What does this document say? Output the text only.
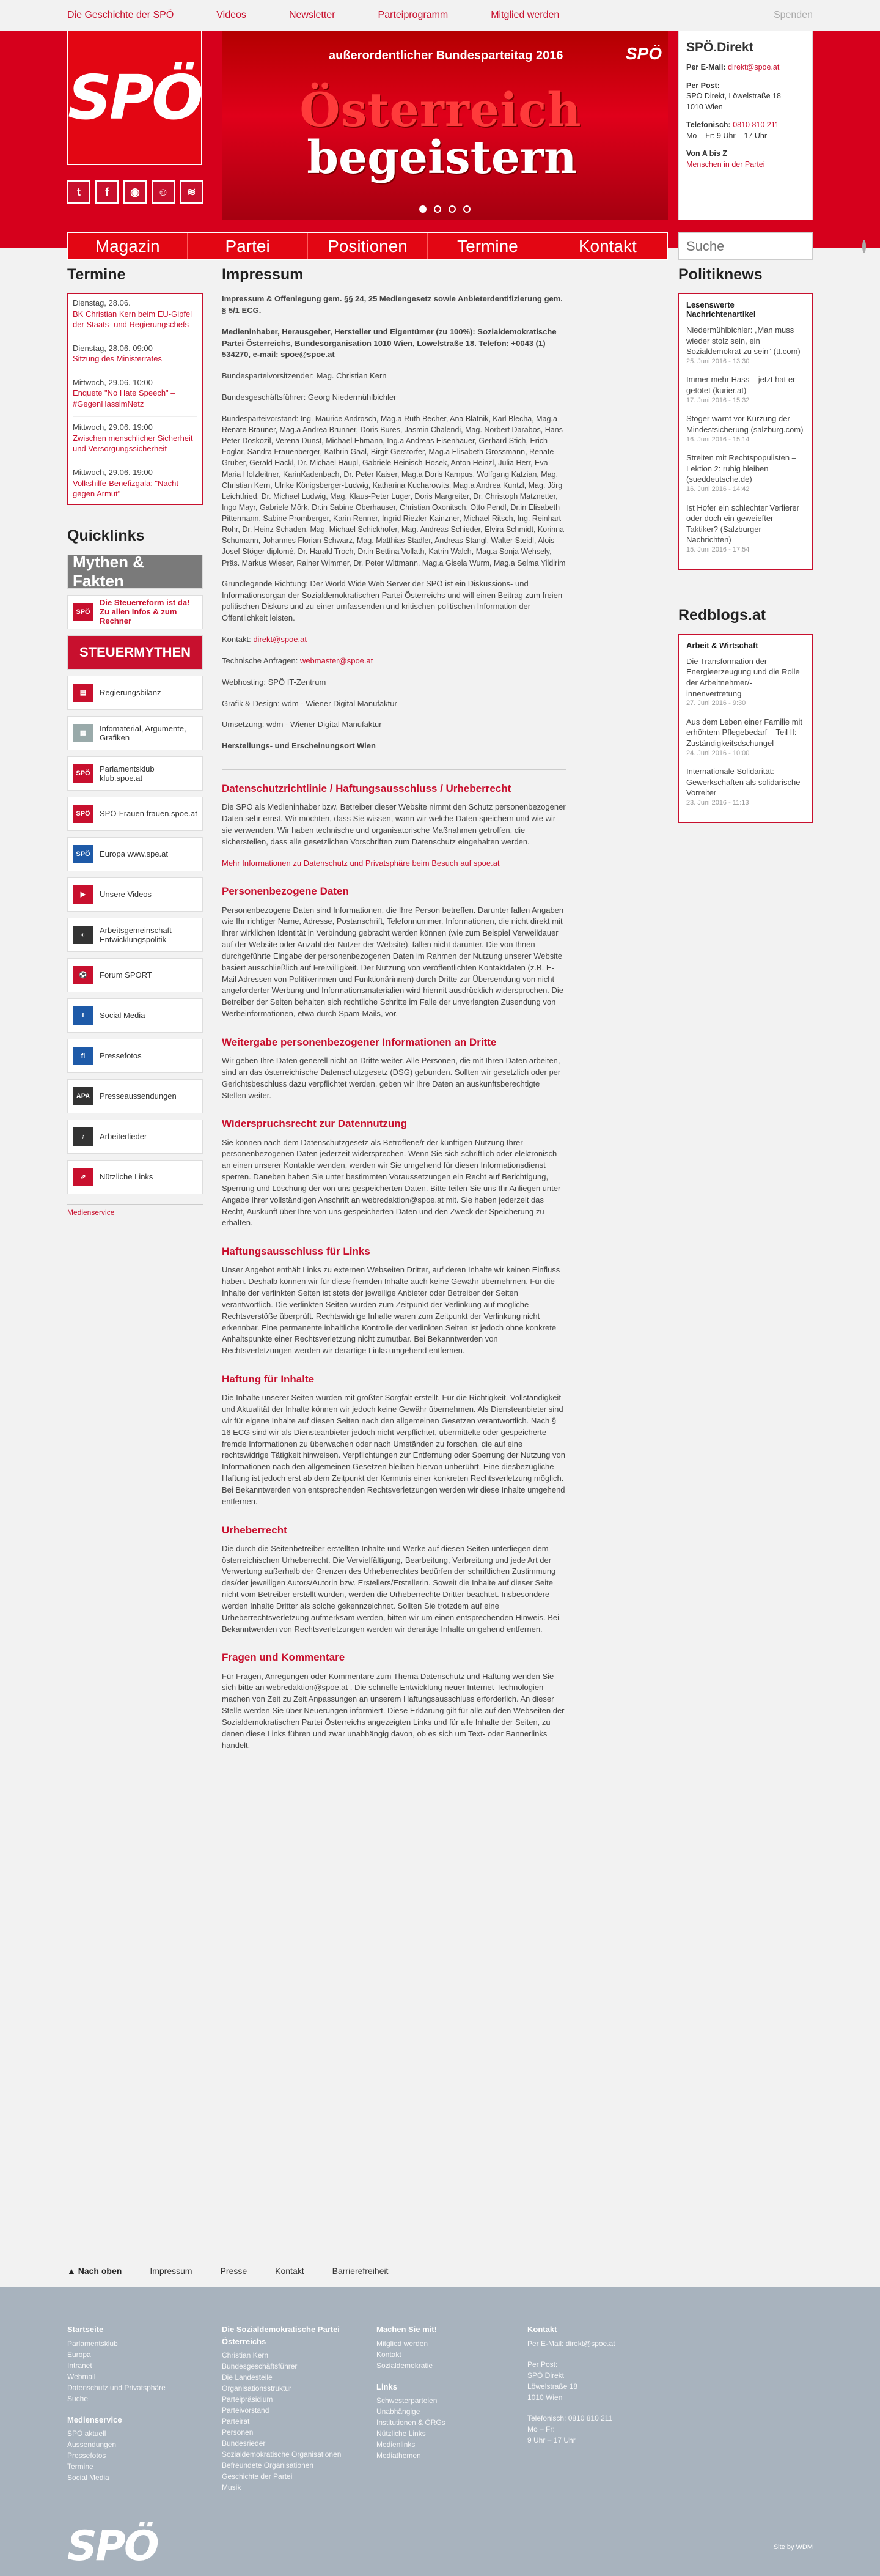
Die Geschichte der SPÖ	Videos	Newsletter	Parteiprogramm	Mitglied werden	Spenden
SPÖ
t	f	◉	☺	≋
außerordentlicher Bundesparteitag 2016	SPÖ
Österreich
begeistern
SPÖ.Direkt

Per E-Mail: direkt@spoe.at

Per Post:
SPÖ Direkt, Löwelstraße 18
1010 Wien

Telefonisch: 0810 810 211
Mo – Fr: 9 Uhr – 17 Uhr

Von A bis Z
Menschen in der Partei

Magazin	Partei	Positionen	Termine	Kontakt
Suche
Termine
Dienstag, 28.06.
BK Christian Kern beim EU-Gipfel der Staats- und Regierungschefs
Dienstag, 28.06. 09:00
Sitzung des Ministerrates
Mittwoch, 29.06. 10:00
Enquete "No Hate Speech" – #GegenHassimNetz
Mittwoch, 29.06. 19:00
Zwischen menschlicher Sicherheit und Versorgungssicherheit
Mittwoch, 29.06. 19:00
Volkshilfe-Benefizgala: "Nacht gegen Armut"
Quicklinks
Mythen & Fakten
SPÖ
Die Steuerreform ist da! Zu allen Infos & zum Rechner
STEUERMYTHEN
▤	Regierungsbilanz
▦
Infomaterial, Argumente, Grafiken
SPÖ	Parlamentsklub klub.spoe.at
SPÖ	SPÖ-Frauen frauen.spoe.at
SPÖ	Europa www.spe.at
▶	Unsere Videos
◐	Arbeitsgemeinschaft Entwicklungspolitik
⚽	Forum SPORT
f	Social Media
fl	Pressefotos
APA	Presseaussendungen
♪	Arbeiterlieder
⇗	Nützliche Links
Medienservice
Impressum

Impressum & Offenlegung gem. §§ 24, 25 Mediengesetz sowie Anbieterdentifizierung gem. § 5/1 ECG.

Medieninhaber, Herausgeber, Hersteller und Eigentümer (zu 100%): Sozialdemokratische Partei Österreichs, Bundesorganisation 1010 Wien, Löwelstraße 18. Telefon: +0043 (1) 534270, e-mail: spoe@spoe.at

Bundesparteivorsitzender: Mag. Christian Kern

Bundesgeschäftsführer: Georg Niedermühlbichler

Bundesparteivorstand: Ing. Maurice Androsch, Mag.a Ruth Becher, Ana Blatnik, Karl Blecha, Mag.a Renate Brauner, Mag.a Andrea Brunner, Doris Bures, Jasmin Chalendi, Mag. Norbert Darabos, Hans Peter Doskozil, Verena Dunst, Michael Ehmann, Ing.a Andreas Eisenhauer, Gerhard Stich, Erich Foglar, Sandra Frauenberger, Kathrin Gaal, Birgit Gerstorfer, Mag.a Elisabeth Grossmann, Renate Gruber, Gerald Hackl, Dr. Michael Häupl, Gabriele Heinisch-Hosek, Anton Heinzl, Julia Herr, Eva Maria Holzleitner, KarinKadenbach, Dr. Peter Kaiser, Mag.a Doris Kampus, Wolfgang Katzian, Mag. Christian Kern, Ulrike Königsberger-Ludwig, Katharina Kucharowits, Mag.a Andrea Kuntzl, Mag. Jörg Leichtfried, Dr. Michael Ludwig, Mag. Klaus-Peter Luger, Doris Margreiter, Dr. Christoph Matznetter, Ingo Mayr, Gabriele Mörk, Dr.in Sabine Oberhauser, Christian Oxonitsch, Otto Pendl, Dr.in Elisabeth Pittermann, Sabine Promberger, Karin Renner, Ingrid Riezler-Kainzner, Michael Ritsch, Ing. Reinhart Rohr, Dr. Heinz Schaden, Mag. Michael Schickhofer, Mag. Andreas Schieder, Elvira Schmidt, Korinna Schumann, Johannes Florian Schwarz, Mag. Matthias Stadler, Andreas Stangl, Walter Steidl, Alois Josef Stöger diplomé, Dr. Harald Troch, Dr.in Bettina Vollath, Katrin Walch, Mag.a Sonja Wehsely, Präs. Markus Wieser, Rainer Wimmer, Dr. Peter Wittmann, Mag.a Gisela Wurm, Mag.a Selma Yildirim

Grundlegende Richtung: Der World Wide Web Server der SPÖ ist ein Diskussions- und Informationsorgan der Sozialdemokratischen Partei Österreichs und will einen Beitrag zum freien politischen Diskurs und zu einer umfassenden und kritischen politischen Information der Öffentlichkeit leisten.

Kontakt: direkt@spoe.at

Technische Anfragen: webmaster@spoe.at

Webhosting: SPÖ IT-Zentrum

Grafik & Design: wdm - Wiener Digital Manufaktur

Umsetzung: wdm - Wiener Digital Manufaktur

Herstellungs- und Erscheinungsort Wien

Datenschutzrichtlinie / Haftungsausschluss / Urheberrecht

Die SPÖ als Medieninhaber bzw. Betreiber dieser Website nimmt den Schutz personenbezogener Daten sehr ernst. Wir möchten, dass Sie wissen, wann wir welche Daten speichern und wie wir sie verwenden. Wir haben technische und organisatorische Maßnahmen getroffen, die sicherstellen, dass alle gesetzlichen Vorschriften zum Datenschutz eingehalten werden.

Mehr Informationen zu Datenschutz und Privatsphäre beim Besuch auf spoe.at

Personenbezogene Daten

Personenbezogene Daten sind Informationen, die Ihre Person betreffen. Darunter fallen Angaben wie Ihr richtiger Name, Adresse, Postanschrift, Telefonnummer. Informationen, die nicht direkt mit Ihrer wirklichen Identität in Verbindung gebracht werden können (wie zum Beispiel Verweildauer auf der Website oder Anzahl der Nutzer der Website), fallen nicht darunter. Die von Ihnen durchgeführte Eingabe der personenbezogenen Daten im Rahmen der Nutzung unserer Website basiert ausschließlich auf Freiwilligkeit. Der Nutzung von veröffentlichten Kontaktdaten (z.B. E-Mail Adressen von Politikerinnen und Funktionärinnen) durch Dritte zur Übersendung von nicht angeforderter Werbung und Informationsmaterialien wird hiermit ausdrücklich widersprochen. Die Betreiber der Seiten behalten sich rechtliche Schritte im Falle der unverlangten Zusendung von Werbeinformationen, etwa durch Spam-Mails, vor.

Weitergabe personenbezogener Informationen an Dritte

Wir geben Ihre Daten generell nicht an Dritte weiter. Alle Personen, die mit Ihren Daten arbeiten, sind an das österreichische Datenschutzgesetz (DSG) gebunden. Sollten wir gesetzlich oder per Gerichtsbeschluss dazu verpflichtet werden, geben wir Ihre Daten an auskunftsberechtigte Stellen weiter.

Widerspruchsrecht zur Datennutzung

Sie können nach dem Datenschutzgesetz als Betroffene/r der künftigen Nutzung Ihrer personenbezogenen Daten jederzeit widersprechen. Wenn Sie sich schriftlich oder elektronisch an einen unserer Kontakte wenden, werden wir Sie umgehend für diesen Informationsdienst sperren. Daneben haben Sie unter bestimmten Voraussetzungen ein Recht auf Berichtigung, Sperrung und Löschung der von uns gespeicherten Daten. Bitte teilen Sie uns Ihr Anliegen unter Angabe Ihrer vollständigen Anschrift an webredaktion@spoe.at mit. Sie haben jederzeit das Recht, Auskunft über Ihre von uns gespeicherten Daten und den Zweck der Speicherung zu erhalten.

Haftungsausschluss für Links

Unser Angebot enthält Links zu externen Webseiten Dritter, auf deren Inhalte wir keinen Einfluss haben. Deshalb können wir für diese fremden Inhalte auch keine Gewähr übernehmen. Für die Inhalte der verlinkten Seiten ist stets der jeweilige Anbieter oder Betreiber der Seiten verantwortlich. Die verlinkten Seiten wurden zum Zeitpunkt der Verlinkung auf mögliche Rechtsverstöße überprüft. Rechtswidrige Inhalte waren zum Zeitpunkt der Verlinkung nicht erkennbar. Eine permanente inhaltliche Kontrolle der verlinkten Seiten ist jedoch ohne konkrete Anhaltspunkte einer Rechtsverletzung nicht zumutbar. Bei Bekanntwerden von Rechtsverletzungen werden wir derartige Links umgehend entfernen.

Haftung für Inhalte

Die Inhalte unserer Seiten wurden mit größter Sorgfalt erstellt. Für die Richtigkeit, Vollständigkeit und Aktualität der Inhalte können wir jedoch keine Gewähr übernehmen. Als Diensteanbieter sind wir für eigene Inhalte auf diesen Seiten nach den allgemeinen Gesetzen verantwortlich. Nach § 16 ECG sind wir als Diensteanbieter jedoch nicht verpflichtet, übermittelte oder gespeicherte fremde Informationen zu überwachen oder nach Umständen zu forschen, die auf eine rechtswidrige Tätigkeit hinweisen. Verpflichtungen zur Entfernung oder Sperrung der Nutzung von Informationen nach den allgemeinen Gesetzen bleiben hiervon unberührt. Eine diesbezügliche Haftung ist jedoch erst ab dem Zeitpunkt der Kenntnis einer konkreten Rechtsverletzung möglich. Bei Bekanntwerden von entsprechenden Rechtsverletzungen werden wir diese Inhalte umgehend entfernen.

Urheberrecht

Die durch die Seitenbetreiber erstellten Inhalte und Werke auf diesen Seiten unterliegen dem österreichischen Urheberrecht. Die Vervielfältigung, Bearbeitung, Verbreitung und jede Art der Verwertung außerhalb der Grenzen des Urheberrechtes bedürfen der schriftlichen Zustimmung des/der jeweiligen Autors/Autorin bzw. Erstellers/Erstellerin. Soweit die Inhalte auf dieser Seite nicht vom Betreiber erstellt wurden, werden die Urheberrechte Dritter beachtet. Insbesondere werden Inhalte Dritter als solche gekennzeichnet. Sollten Sie trotzdem auf eine Urheberrechtsverletzung aufmerksam werden, bitten wir um einen entsprechenden Hinweis. Bei Bekanntwerden von Rechtsverletzungen werden wir derartige Inhalte umgehend entfernen.

Fragen und Kommentare

Für Fragen, Anregungen oder Kommentare zum Thema Datenschutz und Haftung wenden Sie sich bitte an webredaktion@spoe.at . Die schnelle Entwicklung neuer Internet-Technologien machen von Zeit zu Zeit Anpassungen an unserem Haftungsausschluss erforderlich. An dieser Stelle werden Sie über Neuerungen informiert. Diese Erklärung gilt für alle auf den Webseiten der Sozialdemokratischen Partei Österreichs angezeigten Links und für alle Inhalte der Seiten, zu denen diese Links führen und zwar unabhängig davon, ob es sich um Text- oder Bannerlinks handelt.

Politiknews
Lesenswerte Nachrichtenartikel
Niedermühlbichler: „Man muss wieder stolz sein, ein Sozialdemokrat zu sein" (tt.com)
25. Juni 2016 - 13:30
Immer mehr Hass – jetzt hat er getötet (kurier.at)
17. Juni 2016 - 15:32
Stöger warnt vor Kürzung der Mindestsicherung (salzburg.com)
16. Juni 2016 - 15:14
Streiten mit Rechtspopulisten – Lektion 2: ruhig bleiben (sueddeutsche.de)
16. Juni 2016 - 14:42
Ist Hofer ein schlechter Verlierer oder doch ein geweiefter Taktiker? (Salzburger Nachrichten)
15. Juni 2016 - 17:54
Redblogs.at
Arbeit & Wirtschaft
Die Transformation der Energieerzeugung und die Rolle der Arbeitnehmer/-innenvertretung
27. Juni 2016 - 9:30
Aus dem Leben einer Familie mit erhöhtem Pflegebedarf – Teil II: Zuständigkeitsdschungel
24. Juni 2016 - 10:00
Internationale Solidarität: Gewerkschaften als solidarische Vorreiter
23. Juni 2016 - 11:13
▲ Nach oben	Impressum	Presse	Kontakt	Barrierefreiheit
Startseite
Parlamentsklub
Europa
Intranet
Webmail
Datenschutz und Privatsphäre
Suche
Medienservice
SPÖ aktuell
Aussendungen
Pressefotos
Termine
Social Media
Die Sozialdemokratische Partei Österreichs
Christian Kern
Bundesgeschäftsführer
Die Landesteile
Organisationsstruktur
Parteipräsidium
Parteivorstand
Parteirat
Personen
Bundesrieder
Sozialdemokratische Organisationen
Befreundete Organisationen
Geschichte der Partei
Musik
Machen Sie mit!
Mitglied werden
Kontakt
Sozialdemokratie
Links
Schwesterparteien
Unabhängige
Institutionen & ÖRGs
Nützliche Links
Medienlinks
Mediathemen
Kontakt
Per E-Mail: direkt@spoe.at
Per Post:
SPÖ Direkt
Löwelstraße 18
1010 Wien
Telefonisch: 0810 810 211
Mo – Fr:
9 Uhr – 17 Uhr
SPÖ	Site by WDM
